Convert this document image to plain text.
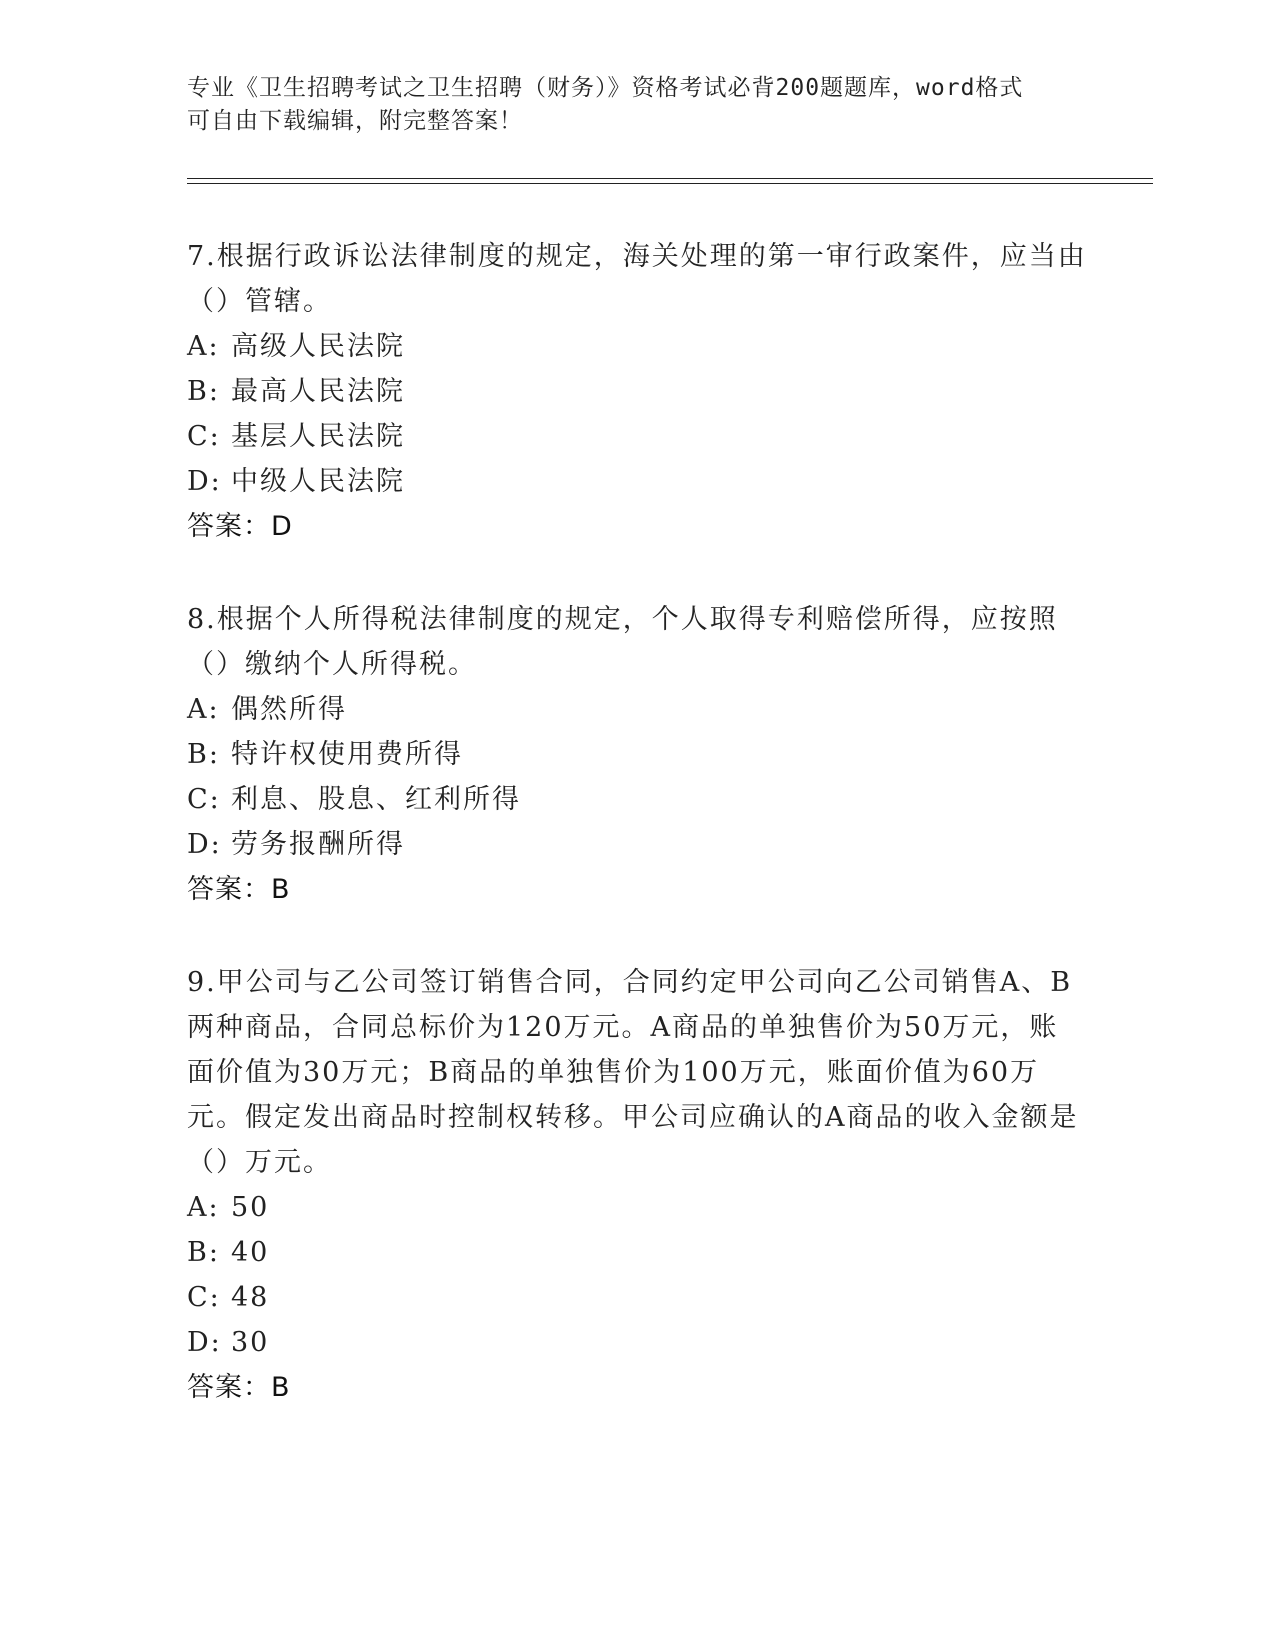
专业《卫生招聘考试之卫生招聘（财务）》资格考试必背200题题库，word格式

可自由下载编辑，附完整答案！

7.根据行政诉讼法律制度的规定，海关处理的第一审行政案件，应当由（）管辖。

A: 高级人民法院
B: 最高人民法院
C: 基层人民法院
D: 中级人民法院

答案：D

8.根据个人所得税法律制度的规定，个人取得专利赔偿所得，应按照（）缴纳个人所得税。

A: 偶然所得
B: 特许权使用费所得
C: 利息、股息、红利所得
D: 劳务报酬所得

答案：B

9.甲公司与乙公司签订销售合同，合同约定甲公司向乙公司销售A、B两种商品，合同总标价为120万元。A商品的单独售价为50万元，账面价值为30万元；B商品的单独售价为100万元，账面价值为60万元。假定发出商品时控制权转移。甲公司应确认的A商品的收入金额是（）万元。

A: 50
B: 40
C: 48
D: 30

答案：B
